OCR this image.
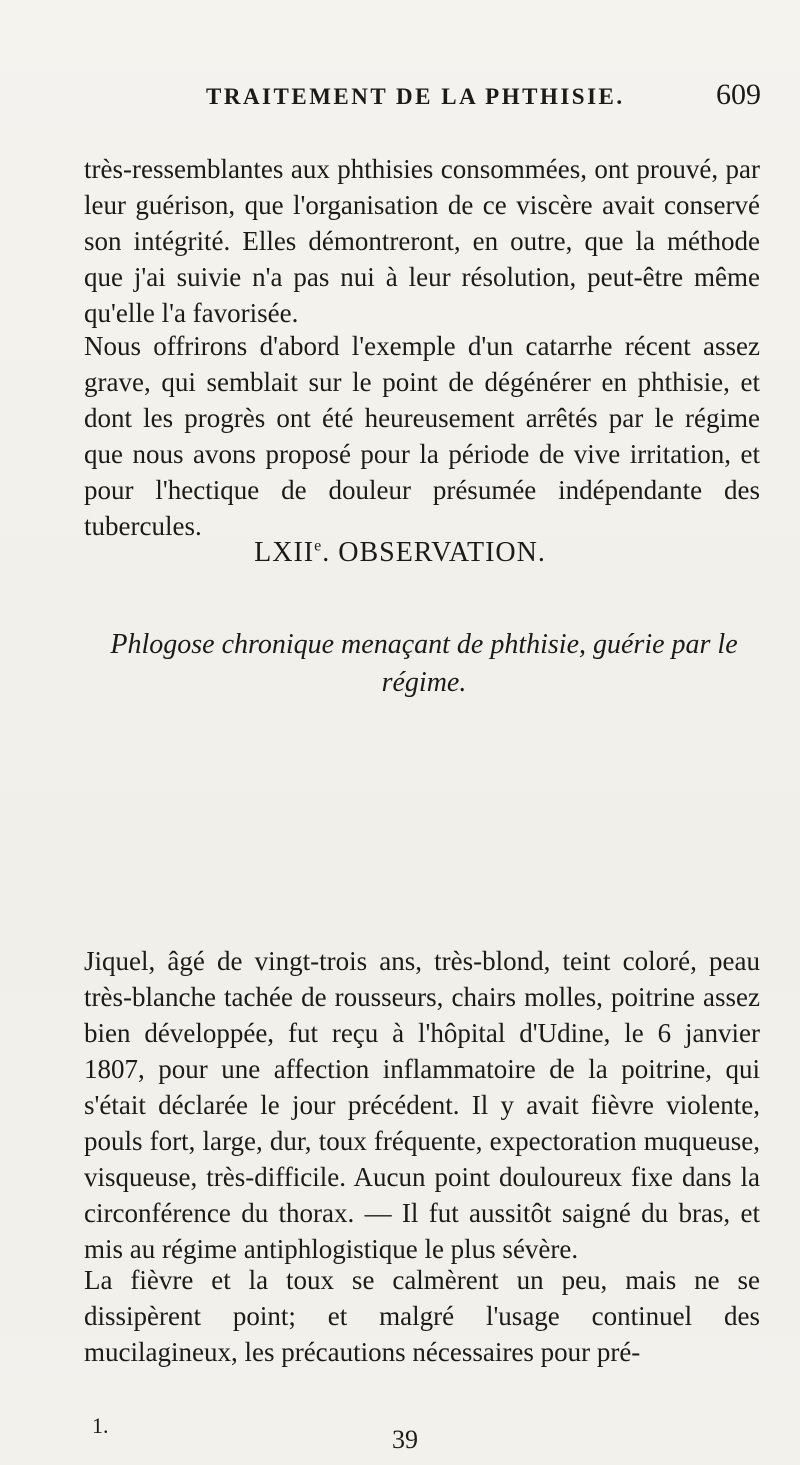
TRAITEMENT DE LA PHTHISIE.	609

très-ressemblantes aux phthisies consommées, ont prouvé, par leur guérison, que l'organisation de ce viscère avait conservé son intégrité. Elles démontreront, en outre, que la méthode que j'ai suivie n'a pas nui à leur résolution, peut-être même qu'elle l'a favorisée.

Nous offrirons d'abord l'exemple d'un catarrhe récent assez grave, qui semblait sur le point de dégénérer en phthisie, et dont les progrès ont été heureusement arrêtés par le régime que nous avons proposé pour la période de vive irritation, et pour l'hectique de douleur présumée indépendante des tubercules.

LXIIe. OBSERVATION.
Phlogose chronique menaçant de phthisie, guérie par le régime.

Jiquel, âgé de vingt-trois ans, très-blond, teint coloré, peau très-blanche tachée de rousseurs, chairs molles, poitrine assez bien développée, fut reçu à l'hôpital d'Udine, le 6 janvier 1807, pour une affection inflammatoire de la poitrine, qui s'était déclarée le jour précédent. Il y avait fièvre violente, pouls fort, large, dur, toux fréquente, expectoration muqueuse, visqueuse, très-difficile. Aucun point douloureux fixe dans la circonférence du thorax. — Il fut aussitôt saigné du bras, et mis au régime antiphlogistique le plus sévère.

La fièvre et la toux se calmèrent un peu, mais ne se dissipèrent point; et malgré l'usage continuel des mucilagineux, les précautions nécessaires pour pré-

1.	39
